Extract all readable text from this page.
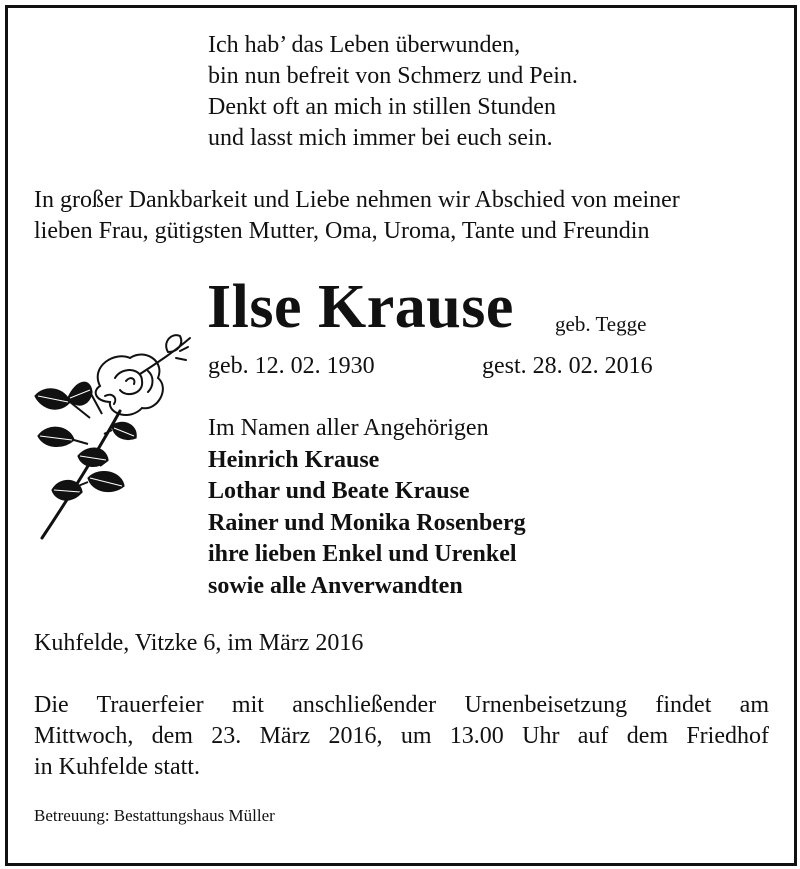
Ich hab’ das Leben überwunden,
bin nun befreit von Schmerz und Pein.
Denkt oft an mich in stillen Stunden
und lasst mich immer bei euch sein.
In großer Dankbarkeit und Liebe nehmen wir Abschied von meiner
lieben Frau, gütigsten Mutter, Oma, Uroma, Tante und Freundin
Ilse Krause geb. Tegge
geb. 12. 02. 1930	gest. 28. 02. 2016
Im Namen aller Angehörigen
Heinrich Krause
Lothar und Beate Krause
Rainer und Monika Rosenberg
ihre lieben Enkel und Urenkel
sowie alle Anverwandten
Kuhfelde, Vitzke 6, im März 2016
Die Trauerfeier mit anschließender Urnenbeisetzung findet am
Mittwoch, dem 23. März 2016, um 13.00 Uhr auf dem Friedhof
in Kuhfelde statt.
Betreuung: Bestattungshaus Müller
